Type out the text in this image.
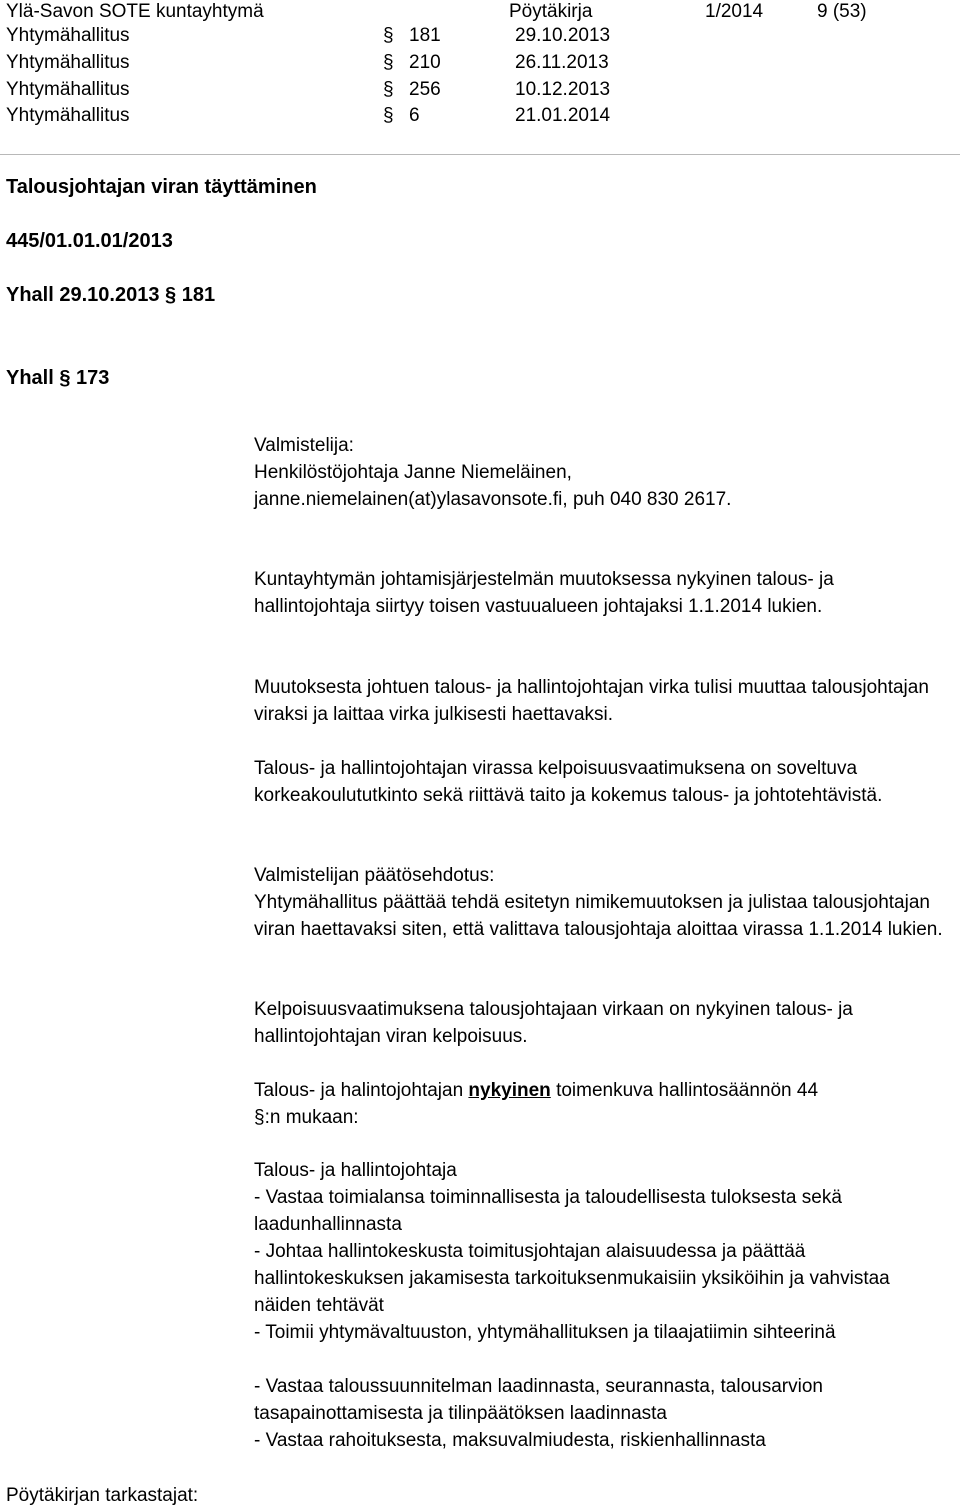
Ylä-Savon SOTE kuntayhtymä	Pöytäkirja	1/2014	9 (53)
Yhtymähallitus	§ 181	29.10.2013
Yhtymähallitus	§ 210	26.11.2013
Yhtymähallitus	§ 256	10.12.2013
Yhtymähallitus	§ 6	21.01.2014
Talousjohtajan viran täyttäminen
445/01.01.01/2013
Yhall 29.10.2013 § 181
Yhall § 173
Valmistelija:
Henkilöstöjohtaja Janne Niemeläinen,
janne.niemelainen(at)ylasavonsote.fi, puh 040 830 2617.
Kuntayhtymän johtamisjärjestelmän muutoksessa nykyinen talous- ja hallintojohtaja siirtyy toisen vastuualueen johtajaksi 1.1.2014 lukien.
Muutoksesta johtuen talous- ja hallintojohtajan virka tulisi muuttaa talousjohtajan viraksi ja laittaa virka julkisesti haettavaksi.
Talous- ja hallintojohtajan virassa kelpoisuusvaatimuksena on soveltuva korkeakoulututkinto sekä riittävä taito ja kokemus talous- ja johtotehtävistä.
Valmistelijan päätösehdotus:
Yhtymähallitus päättää tehdä esitetyn nimikemuutoksen ja julistaa talousjohtajan viran haettavaksi siten, että valittava talousjohtaja aloittaa virassa 1.1.2014 lukien.
Kelpoisuusvaatimuksena talousjohtajaan virkaan on nykyinen talous- ja hallintojohtajan viran kelpoisuus.
Talous- ja halintojohtajan nykyinen toimenkuva hallintosäännön 44
§:n mukaan:
Talous- ja hallintojohtaja
- Vastaa toimialansa toiminnallisesta ja taloudellisesta tuloksesta sekä laadunhallinnasta
- Johtaa hallintokeskusta toimitusjohtajan alaisuudessa ja päättää hallintokeskuksen jakamisesta tarkoituksenmukaisiin yksiköihin ja vahvistaa näiden tehtävät
- Toimii yhtymävaltuuston, yhtymähallituksen ja tilaajatiimin sihteerinä
- Vastaa taloussuunnitelman laadinnasta, seurannasta, talousarvion tasapainottamisesta ja tilinpäätöksen laadinnasta
- Vastaa rahoituksesta, maksuvalmiudesta, riskienhallinnasta
Pöytäkirjan tarkastajat:
